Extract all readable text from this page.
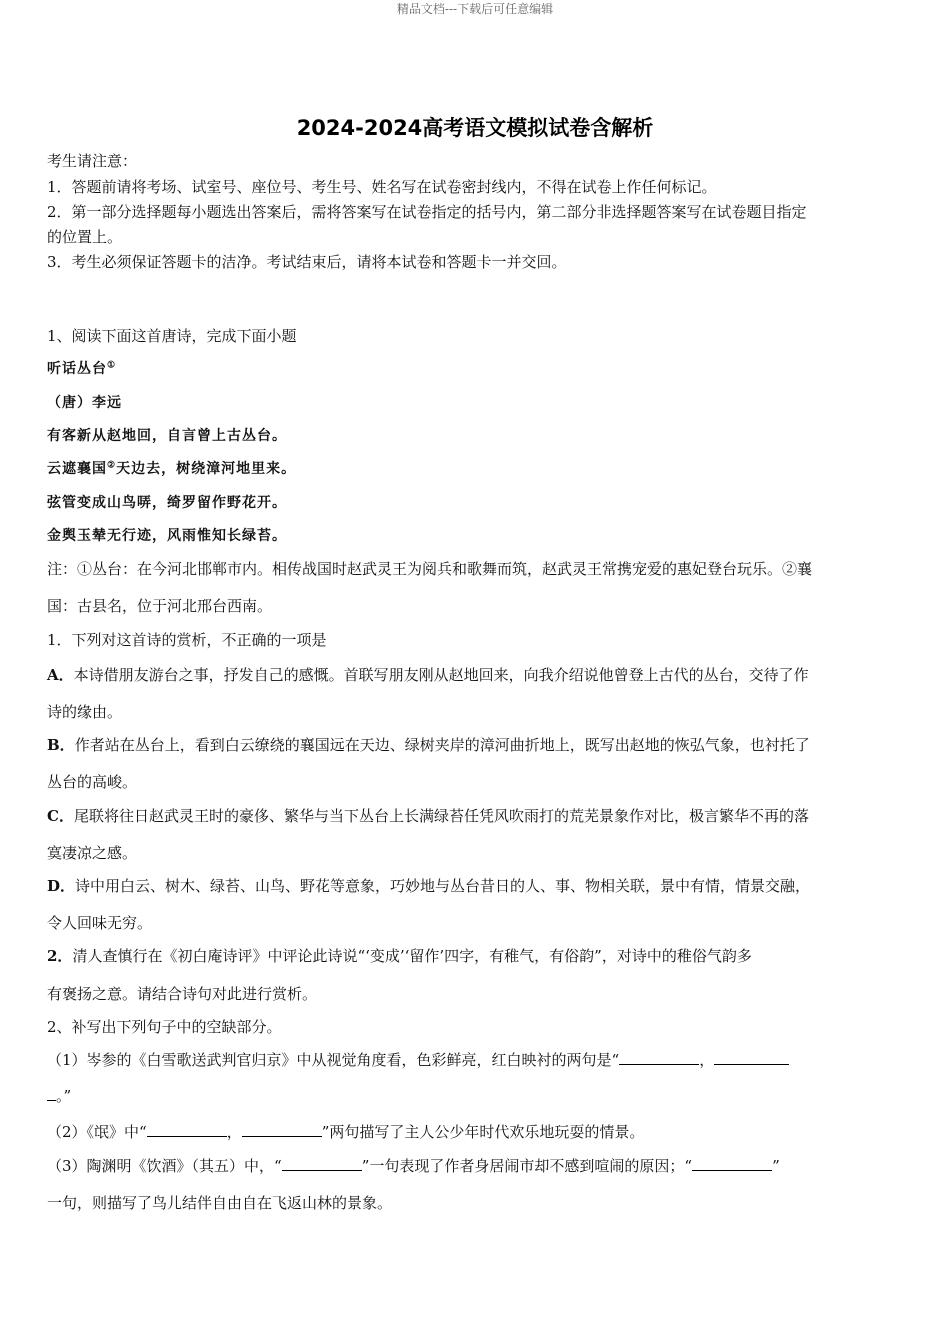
精品文档---下载后可任意编辑
2024-2024高考语文模拟试卷含解析
考生请注意：
1．答题前请将考场、试室号、座位号、考生号、姓名写在试卷密封线内，不得在试卷上作任何标记。
2．第一部分选择题每小题选出答案后，需将答案写在试卷指定的括号内，第二部分非选择题答案写在试卷题目指定
的位置上。
3．考生必须保证答题卡的洁净。考试结束后，请将本试卷和答题卡一并交回。
1、阅读下面这首唐诗，完成下面小题
听话丛台①
（唐）李远
有客新从赵地回，自言曾上古丛台。
云遮襄国②天边去，树绕漳河地里来。
弦管变成山鸟哢，绮罗留作野花开。
金舆玉辇无行迹，风雨惟知长绿苔。
注：①丛台：在今河北邯郸市内。相传战国时赵武灵王为阅兵和歌舞而筑，赵武灵王常携宠爱的惠妃登台玩乐。②襄
国：古县名，位于河北邢台西南。
1．下列对这首诗的赏析，不正确的一项是
A．本诗借朋友游台之事，抒发自己的感慨。首联写朋友刚从赵地回来，向我介绍说他曾登上古代的丛台，交待了作
诗的缘由。
B．作者站在丛台上，看到白云缭绕的襄国远在天边、绿树夹岸的漳河曲折地上，既写出赵地的恢弘气象，也衬托了
丛台的高峻。
C．尾联将往日赵武灵王时的豪侈、繁华与当下丛台上长满绿苔任凭风吹雨打的荒芜景象作对比，极言繁华不再的落
寞凄凉之感。
D．诗中用白云、树木、绿苔、山鸟、野花等意象，巧妙地与丛台昔日的人、事、物相关联，景中有情，情景交融，
令人回味无穷。
2．清人查慎行在《初白庵诗评》中评论此诗说“‘变成’‘留作’四字，有稚气，有俗韵”，对诗中的稚俗气韵多
有褒扬之意。请结合诗句对此进行赏析。
2、补写出下列句子中的空缺部分。
（1）岑参的《白雪歌送武判官归京》中从视觉角度看，色彩鲜亮，红白映衬的两句是“	，
。”
（2）《氓》中“	，	”两句描写了主人公少年时代欢乐地玩耍的情景。
（3）陶渊明《饮酒》（其五）中，“	”一句表现了作者身居闹市却不感到喧闹的原因；“	”
一句，则描写了鸟儿结伴自由自在飞返山林的景象。
